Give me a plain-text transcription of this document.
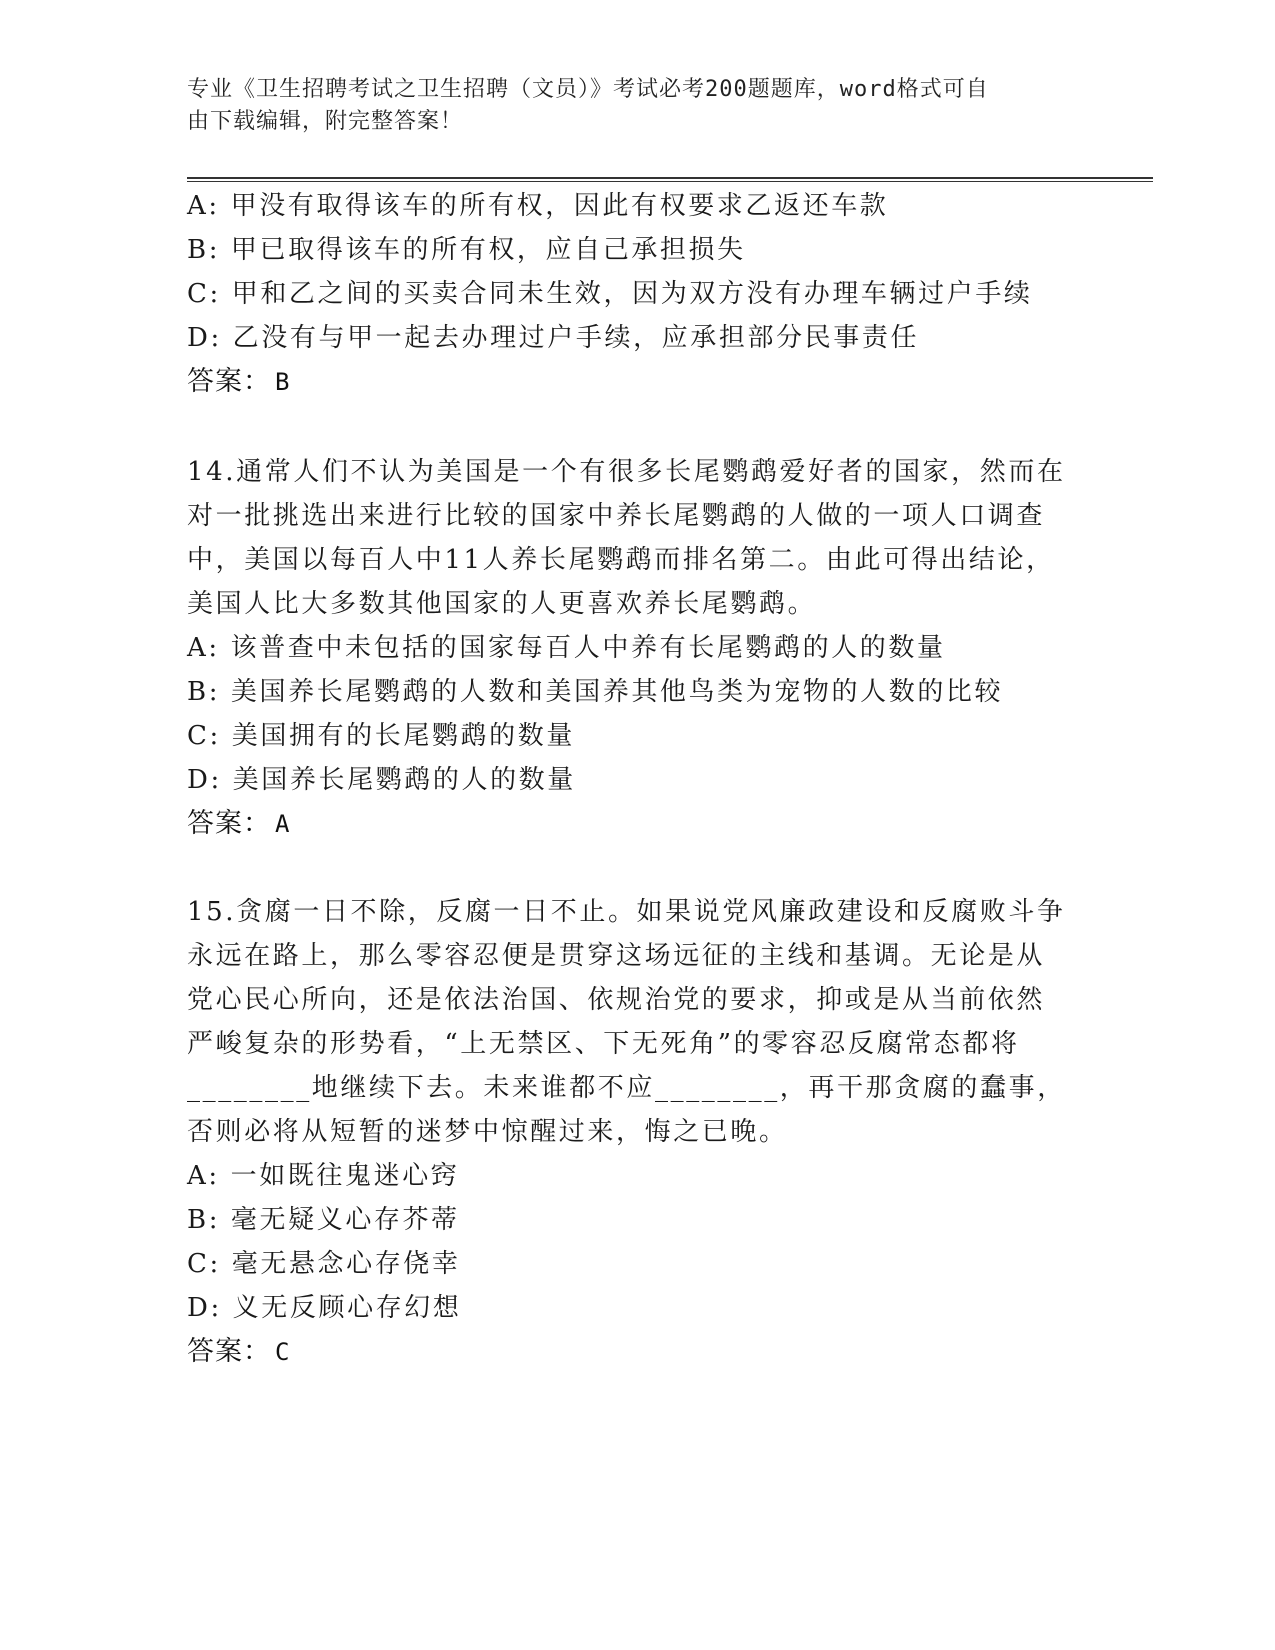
专业《卫生招聘考试之卫生招聘（文员）》考试必考200题题库，word格式可自
由下载编辑，附完整答案！
A: 甲没有取得该车的所有权，因此有权要求乙返还车款
B: 甲已取得该车的所有权，应自己承担损失
C: 甲和乙之间的买卖合同未生效，因为双方没有办理车辆过户手续
D: 乙没有与甲一起去办理过户手续，应承担部分民事责任
答案： B
14.通常人们不认为美国是一个有很多长尾鹦鹉爱好者的国家，然而在
对一批挑选出来进行比较的国家中养长尾鹦鹉的人做的一项人口调查
中，美国以每百人中11人养长尾鹦鹉而排名第二。由此可得出结论，
美国人比大多数其他国家的人更喜欢养长尾鹦鹉。
A: 该普查中未包括的国家每百人中养有长尾鹦鹉的人的数量
B: 美国养长尾鹦鹉的人数和美国养其他鸟类为宠物的人数的比较
C: 美国拥有的长尾鹦鹉的数量
D: 美国养长尾鹦鹉的人的数量
答案： A
15.贪腐一日不除，反腐一日不止。如果说党风廉政建设和反腐败斗争
永远在路上，那么零容忍便是贯穿这场远征的主线和基调。无论是从
党心民心所向，还是依法治国、依规治党的要求，抑或是从当前依然
严峻复杂的形势看，“上无禁区、下无死角”的零容忍反腐常态都将
________地继续下去。未来谁都不应________，再干那贪腐的蠢事，
否则必将从短暂的迷梦中惊醒过来，悔之已晚。
A: 一如既往鬼迷心窍
B: 毫无疑义心存芥蒂
C: 毫无悬念心存侥幸
D: 义无反顾心存幻想
答案： C
